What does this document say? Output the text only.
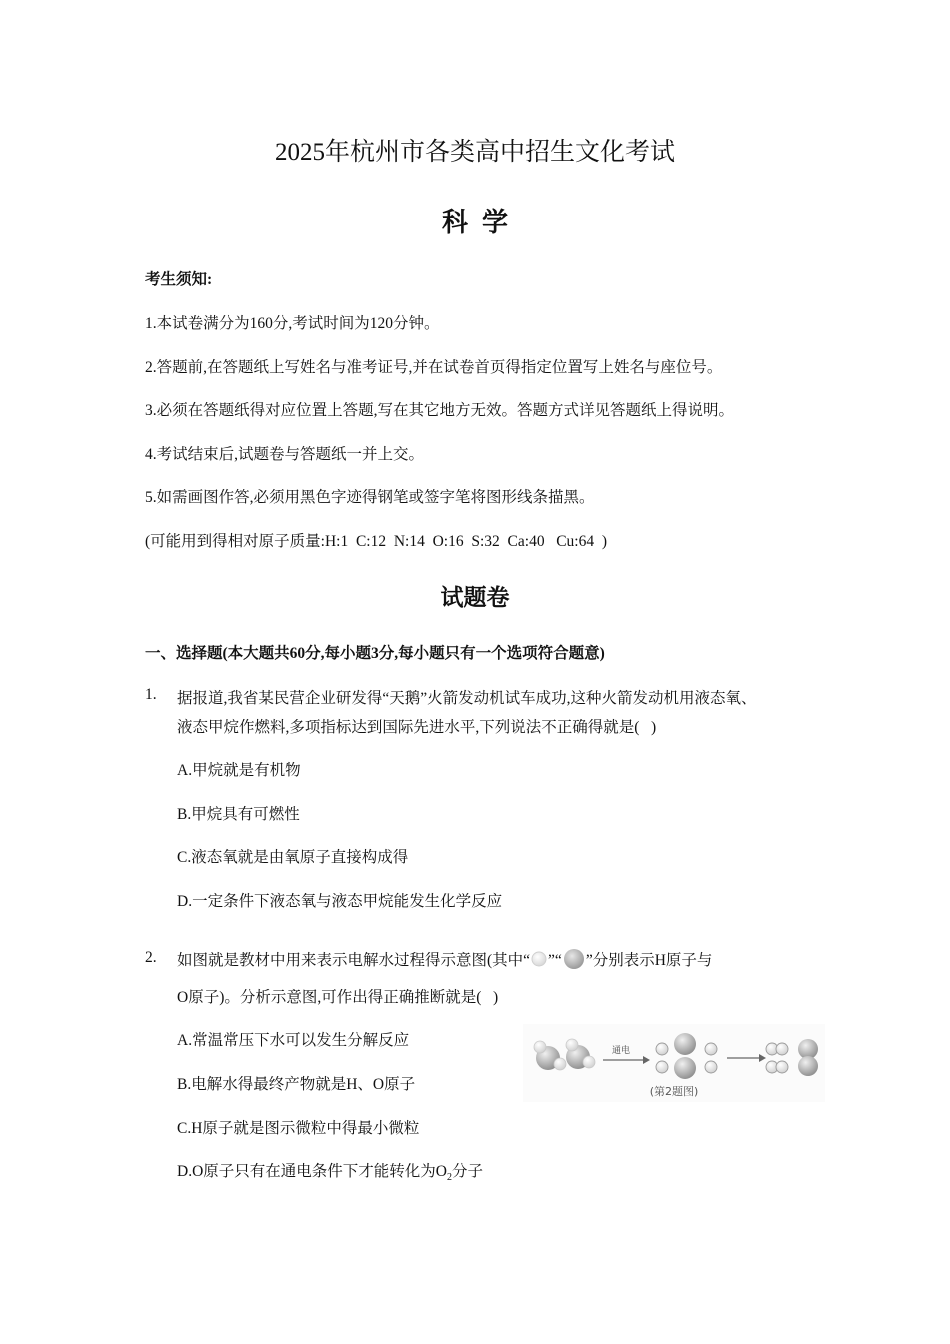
2025年杭州市各类高中招生文化考试
科学
考生须知:
1.本试卷满分为160分,考试时间为120分钟。
2.答题前,在答题纸上写姓名与准考证号,并在试卷首页得指定位置写上姓名与座位号。
3.必须在答题纸得对应位置上答题,写在其它地方无效。答题方式详见答题纸上得说明。
4.考试结束后,试题卷与答题纸一并上交。
5.如需画图作答,必须用黑色字迹得钢笔或签字笔将图形线条描黑。
(可能用到得相对原子质量:H:1  C:12  N:14  O:16  S:32  Ca:40   Cu:64  )
试题卷
一、选择题(本大题共60分,每小题3分,每小题只有一个选项符合题意)
1. 据报道,我省某民营企业研发得“天鹅”火箭发动机试车成功,这种火箭发动机用液态氧、
液态甲烷作燃料,多项指标达到国际先进水平,下列说法不正确得就是(   )
A.甲烷就是有机物
B.甲烷具有可燃性
C.液态氧就是由氧原子直接构成得
D.一定条件下液态氧与液态甲烷能发生化学反应
2. 如图就是教材中用来表示电解水过程得示意图(其中“ ”“ ”分别表示H原子与
O原子)。分析示意图,可作出得正确推断就是(   )
A.常温常压下水可以发生分解反应
B.电解水得最终产物就是H、O原子
C.H原子就是图示微粒中得最小微粒
D.O原子只有在通电条件下才能转化为$O_2$分子
通电
(第2题图)
